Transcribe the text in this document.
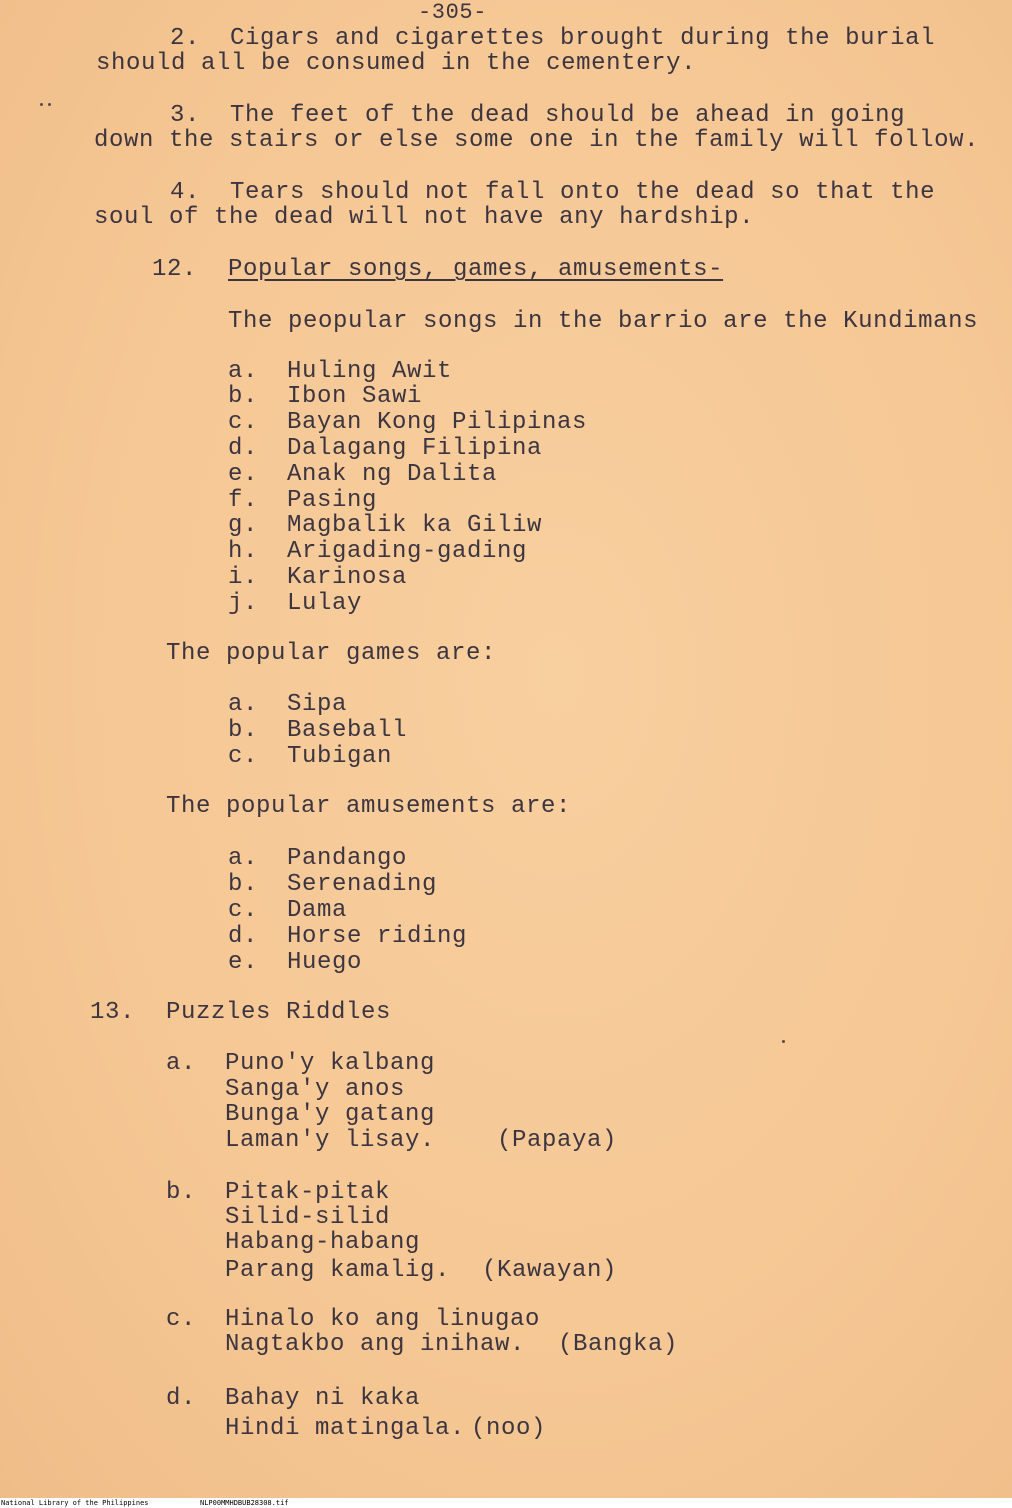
-305-
2.  Cigars and cigarettes brought during the burial
should all be consumed in the cementery.
3.  The feet of the dead should be ahead in going
down the stairs or else some one in the family will follow.
4.  Tears should not fall onto the dead so that the
soul of the dead will not have any hardship.
12. Popular songs, games, amusements-
The peopular songs in the barrio are the Kundimans
a. Huling Awit
b. Ibon Sawi
c. Bayan Kong Pilipinas
d. Dalagang Filipina
e. Anak ng Dalita
f. Pasing
g. Magbalik ka Giliw
h. Arigading-gading
i. Karinosa
j. Lulay
The popular games are:
a. Sipa
b. Baseball
c. Tubigan
The popular amusements are:
a. Pandango
b. Serenading
c. Dama
d. Horse riding
e. Huego
13. Puzzles Riddles
a. Puno'y kalbang
Sanga'y anos
Bunga'y gatang
Laman'y lisay.	(Papaya)
b. Pitak-pitak
Silid-silid
Habang-habang
Parang kamalig. (Kawayan)
c. Hinalo ko ang linugao
Nagtakbo ang inihaw. (Bangka)
d. Bahay ni kaka
Hindi matingala. (noo)
National Library of the Philippines	NLP00MMHDBUB28308.tif
